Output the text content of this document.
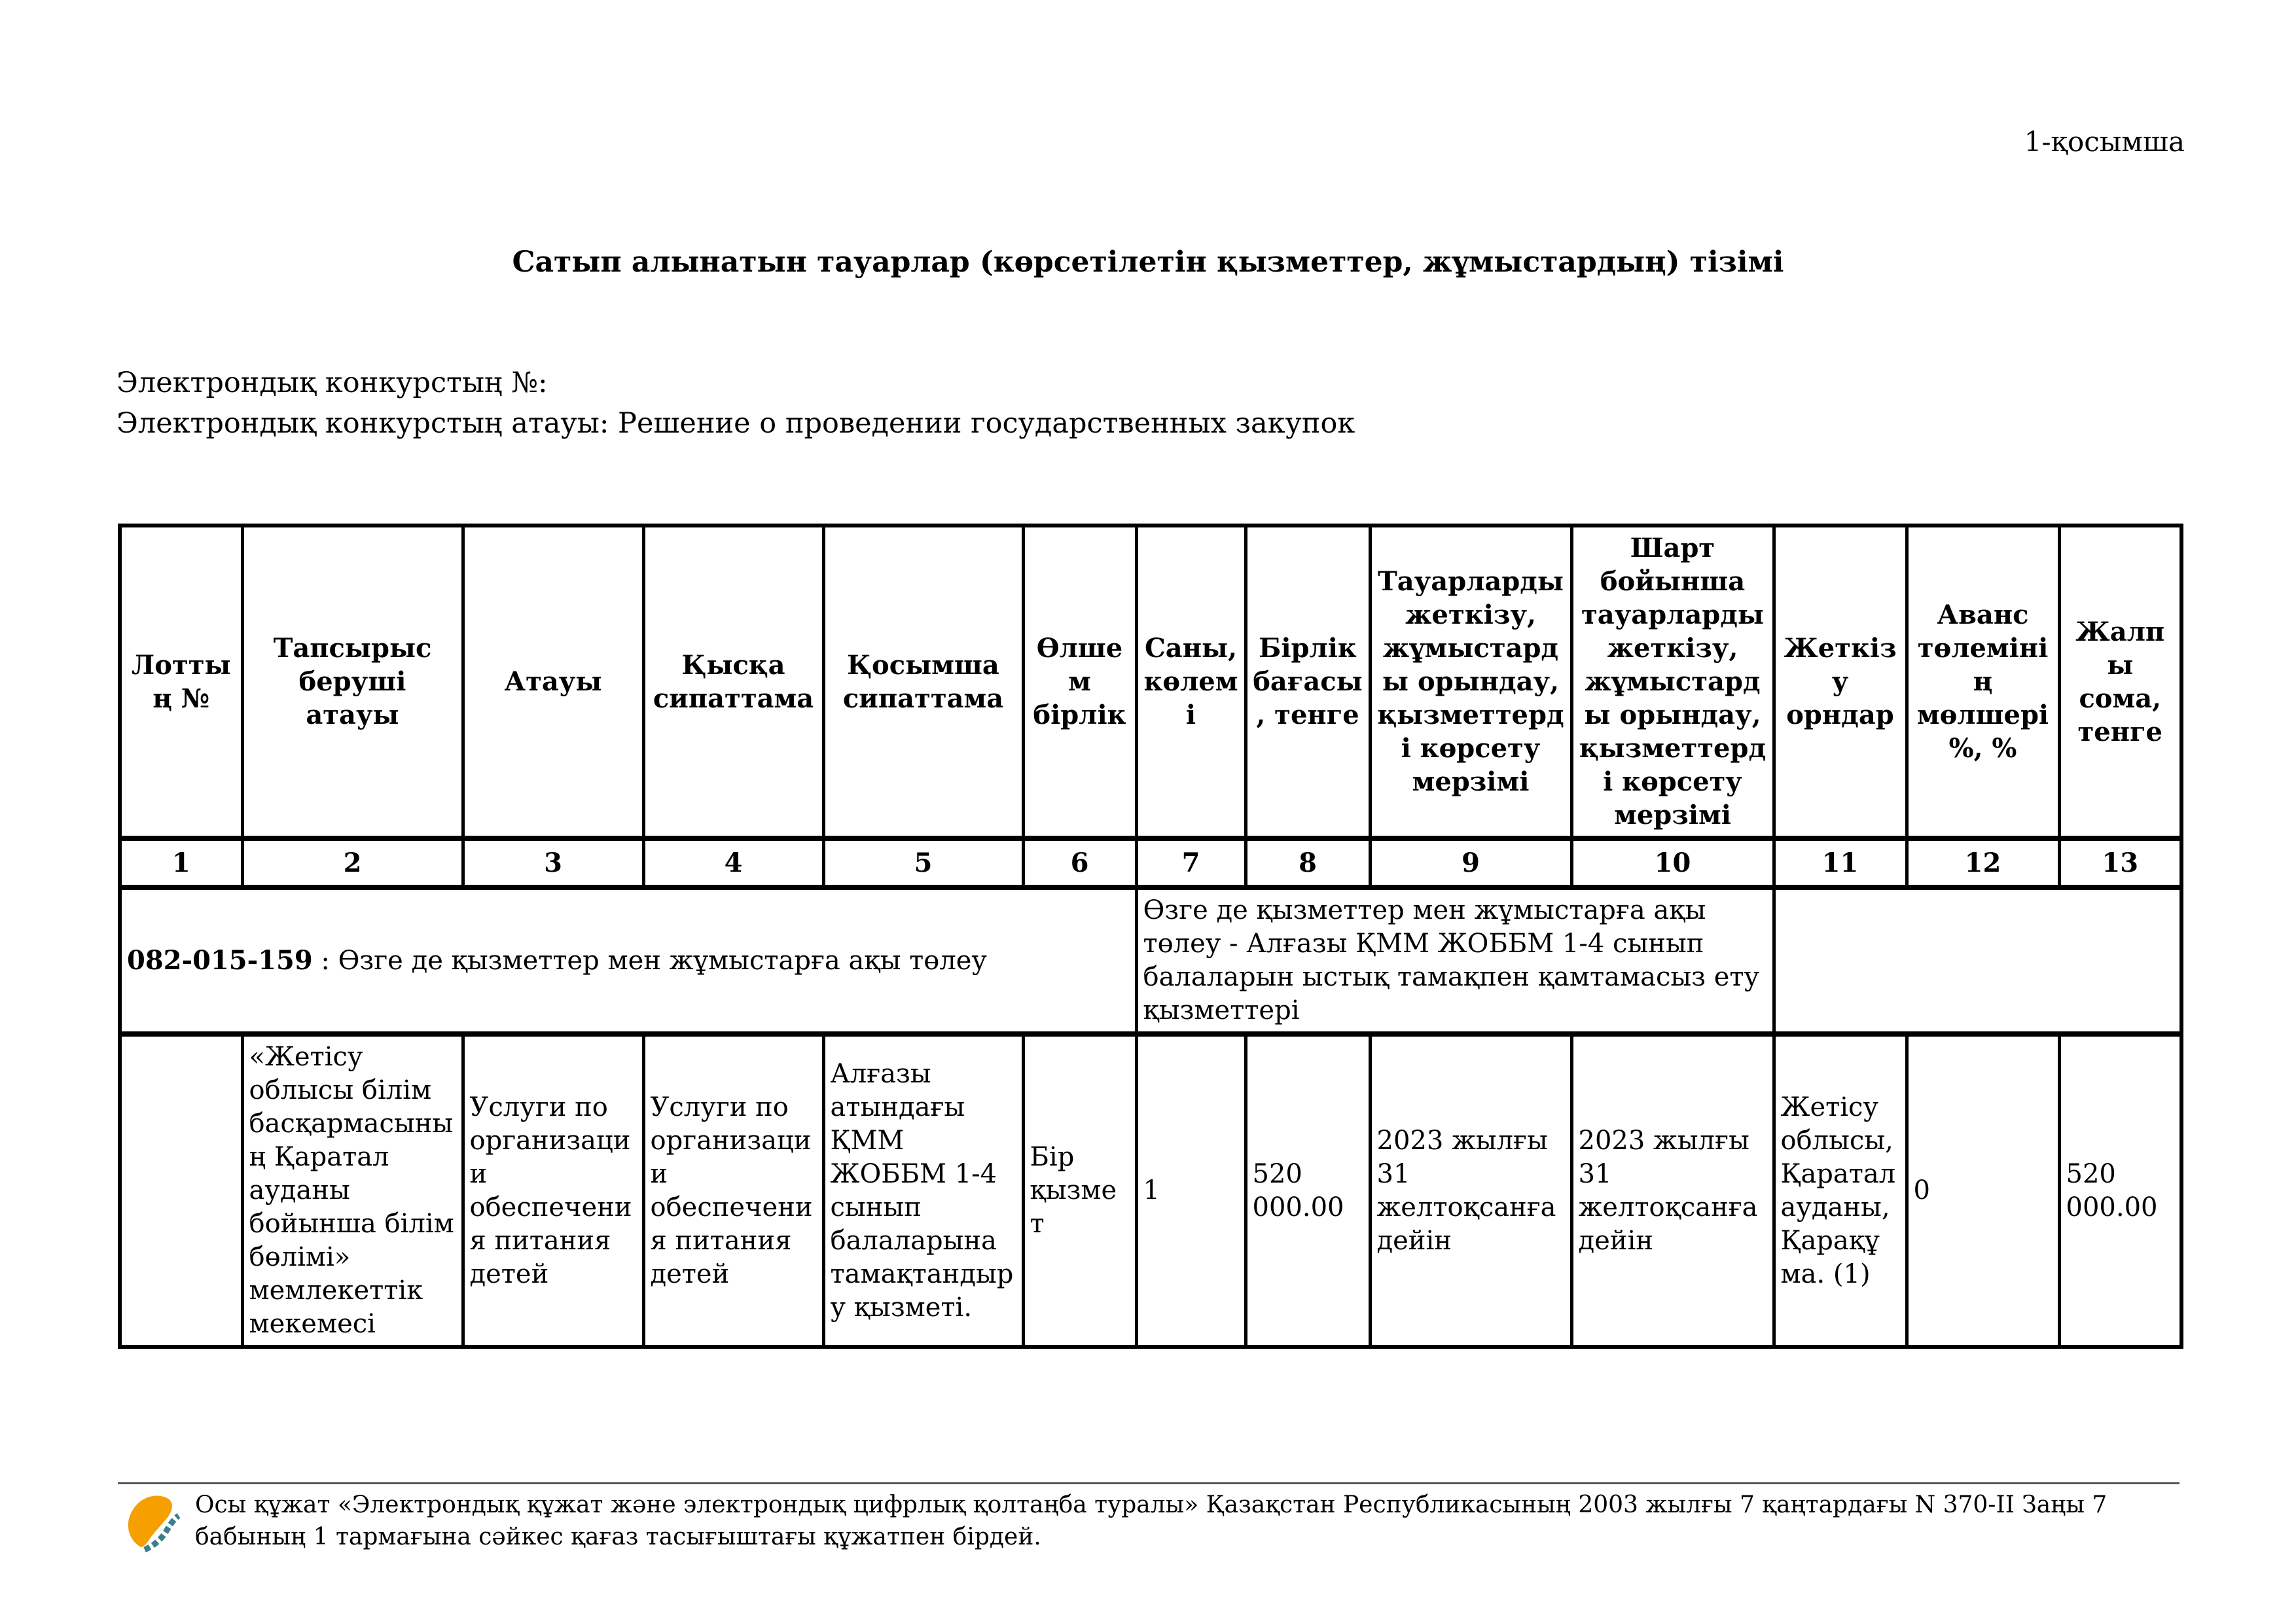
1-қосымша
Сатып алынатын тауарлар (көрсетілетін қызметтер, жұмыстардың) тізімі
Электрондық конкурстың №:
Электрондық конкурстың атауы: Решение о проведении государственных закупок
Лоттың №	Тапсырыс беруші атауы	Атауы	Қысқа сипаттама	Қосымша сипаттама	Өлшем бірлік	Саны, көлемі	Бірлік бағасы, тенге	Тауарларды жеткізу, жұмыстарды орындау, қызметтерді көрсету мерзімі	Шарт бойынша тауарларды жеткізу, жұмыстарды орындау, қызметтерді көрсету мерзімі	Жеткізу орндар	Аванс төлемінің мөлшері %, %	Жалпы сома, тенге
1	2	3	4	5	6	7	8	9	10	11	12	13
082-015-159 : Өзге де қызметтер мен жұмыстарға ақы төлеу						Өзге де қызметтер мен жұмыстарға ақы төлеу - Алғазы ҚММ ЖОББМ 1-4 сынып балаларын ыстық тамақпен қамтамасыз ету қызметтері						
	«Жетісу облысы білім басқармасының Қаратал ауданы бойынша білім бөлімі» мемлекеттік мекемесі	Услуги по организации обеспечения питания детей	Услуги по организации обеспечения питания детей	Алғазы атындағы ҚММ ЖОББМ 1-4 сынып балаларына тамақтандыру қызметі.	Бір қызмет	1	520 000.00	2023 жылғы 31 желтоқсанға дейін	2023 жылғы 31 желтоқсанға дейін	Жетісу облысы, Қаратал ауданы, Қарақұма. (1)	0	520 000.00
Осы құжат «Электрондық құжат және электрондық цифрлық қолтаңба туралы» Қазақстан Республикасының 2003 жылғы 7 қаңтардағы N 370-II Заңы 7 бабының 1 тармағына сәйкес қағаз тасығыштағы құжатпен бірдей.
